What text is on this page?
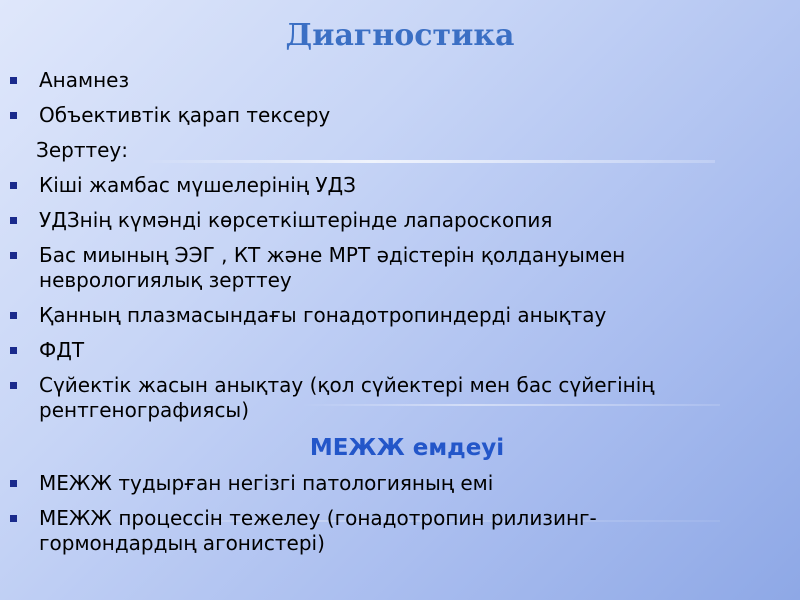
Диагностика
Анамнез
Объективтік қарап тексеру
Зерттеу:
Кіші жамбас мүшелерінің УДЗ
УДЗнің күмәнді көрсеткіштерінде лапароскопия
Бас миының ЭЭГ , КТ және МРТ әдістерін қолдануымен неврологиялық зерттеу
Қанның плазмасындағы гонадотропиндерді анықтау
ФДТ
Сүйектік жасын анықтау (қол сүйектері мен бас сүйегінің рентгенографиясы)
МЕЖЖ емдеуі
МЕЖЖ тудырған негізгі патологияның емі
МЕЖЖ процессін тежелеу (гонадотропин рилизинг-гормондардың агонистері)
